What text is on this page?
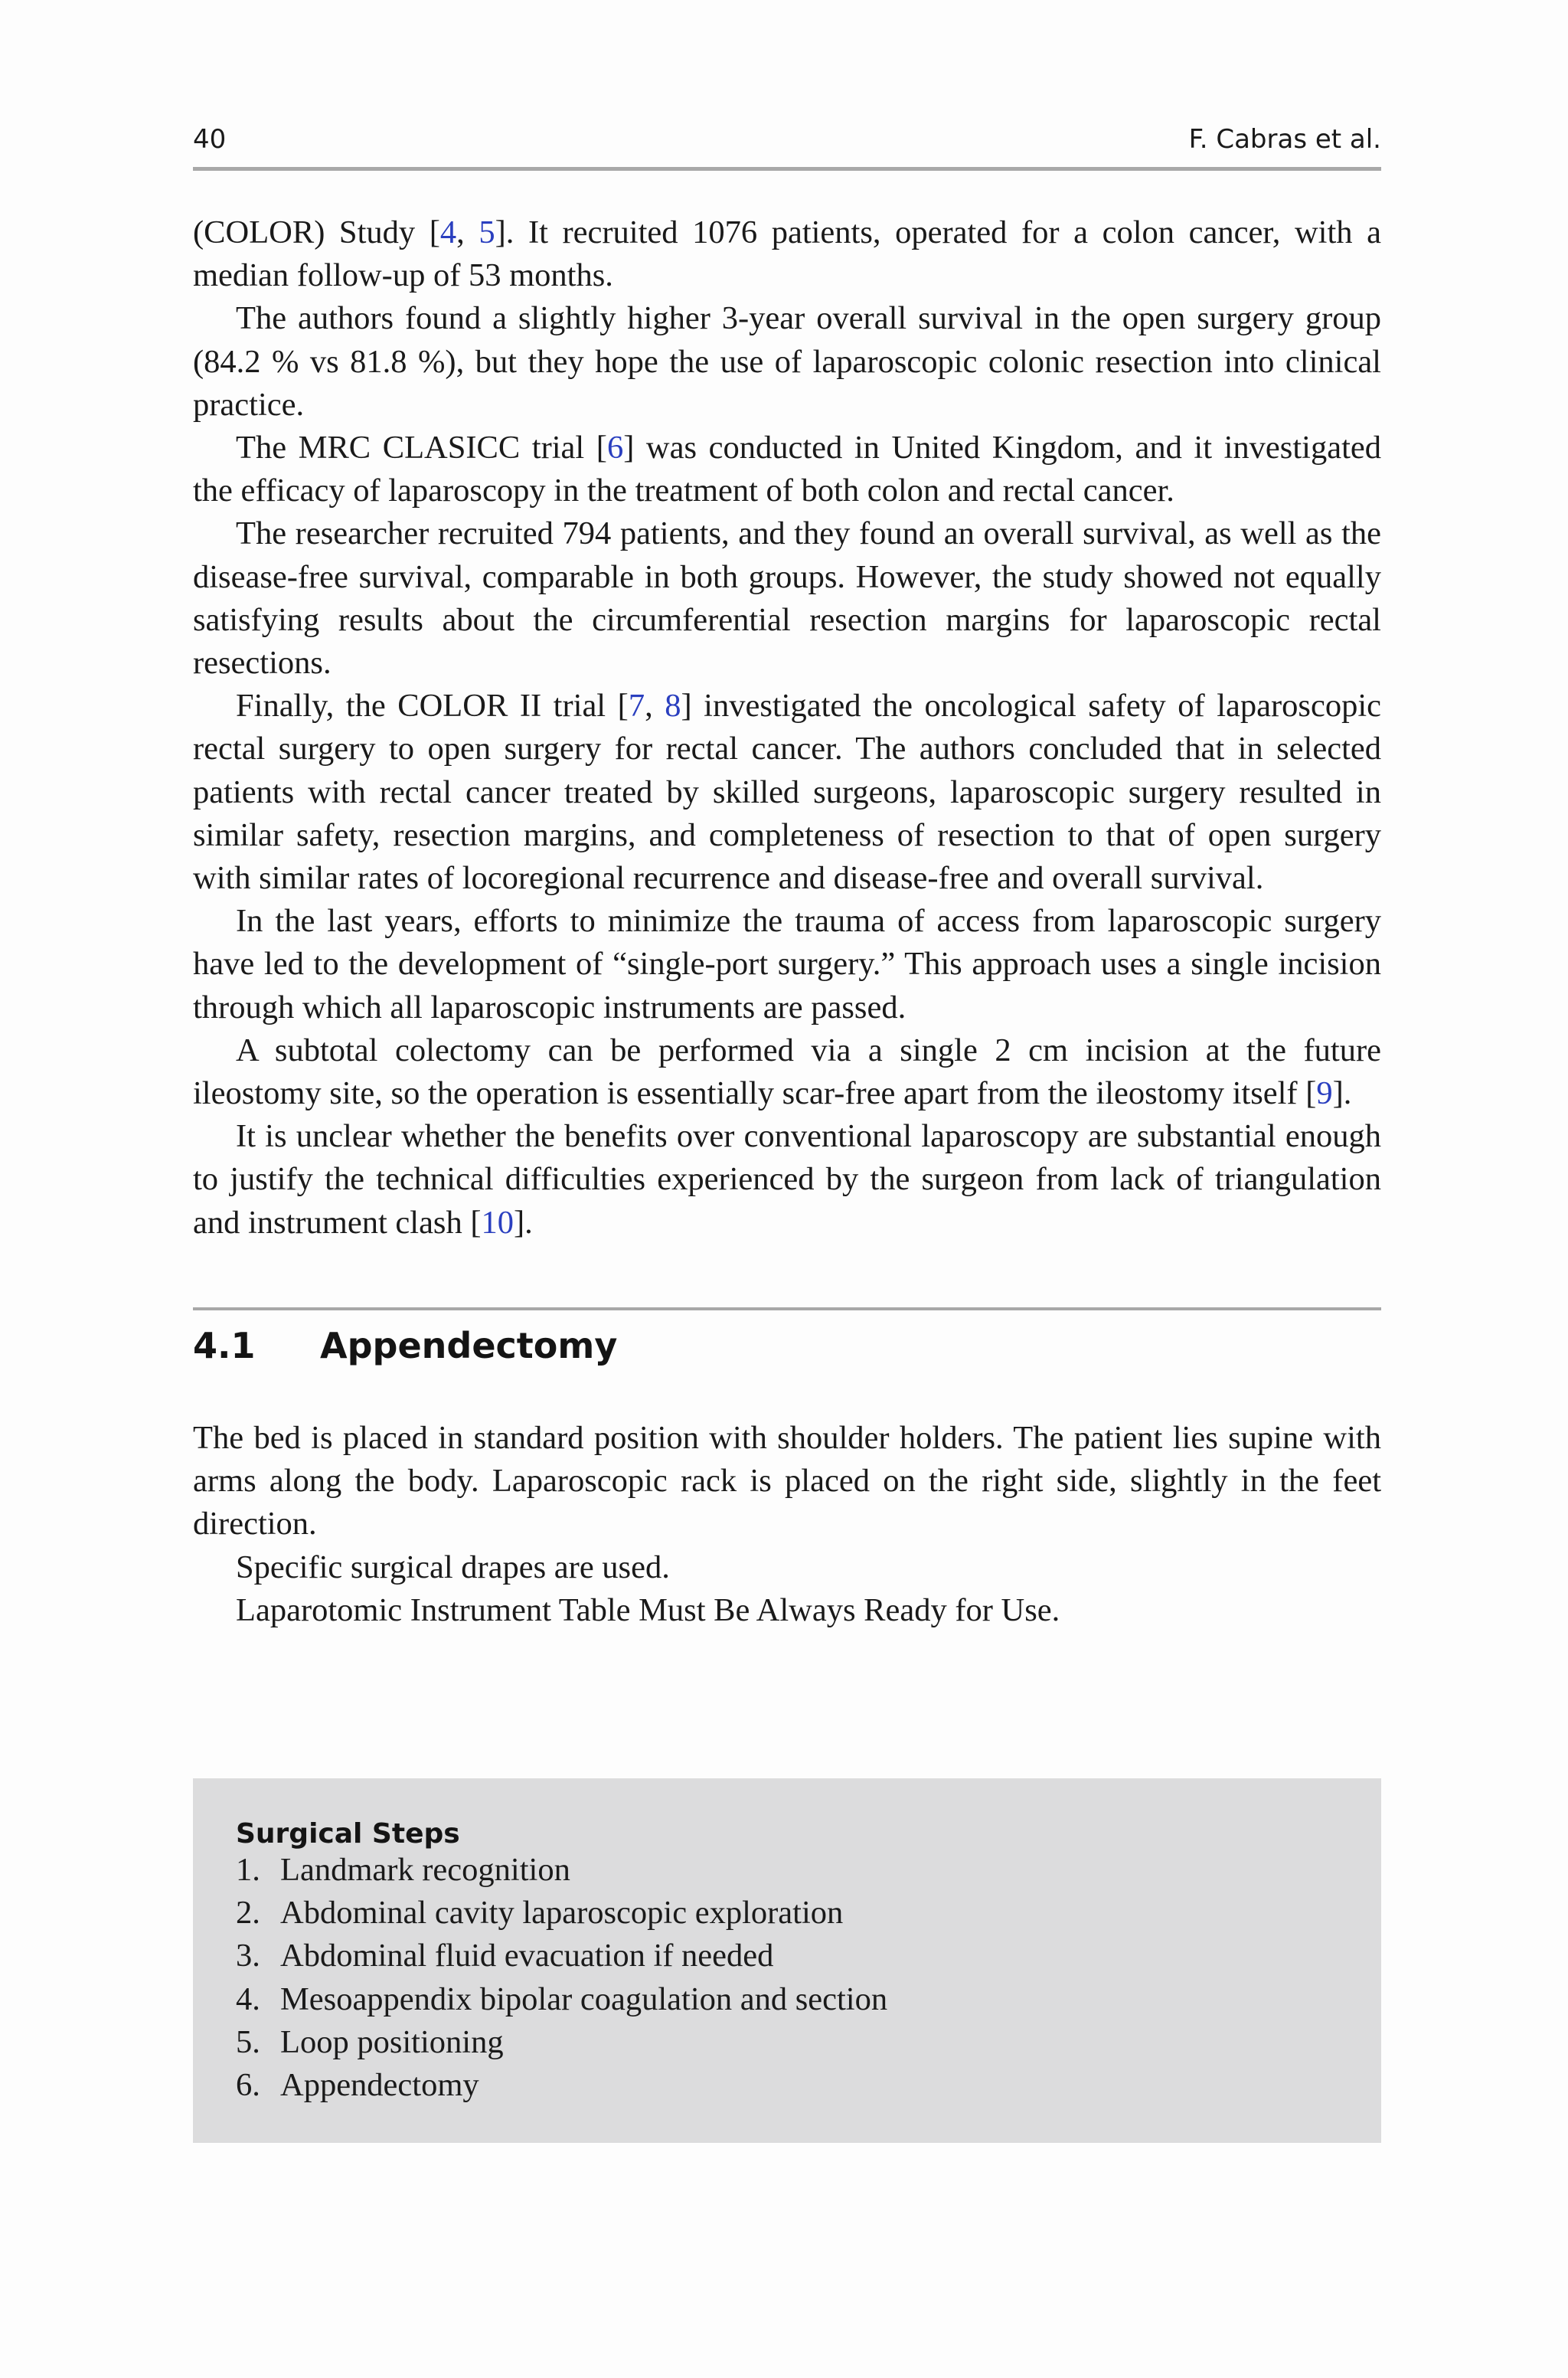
40	F. Cabras et al.

(COLOR) Study [4, 5]. It recruited 1076 patients, operated for a colon cancer, with a median follow-up of 53 months.

The authors found a slightly higher 3-year overall survival in the open surgery group (84.2 % vs 81.8 %), but they hope the use of laparoscopic colonic resection into clinical practice.

The MRC CLASICC trial [6] was conducted in United Kingdom, and it investigated the efficacy of laparoscopy in the treatment of both colon and rectal cancer.

The researcher recruited 794 patients, and they found an overall survival, as well as the disease-free survival, comparable in both groups. However, the study showed not equally satisfying results about the circumferential resection margins for laparoscopic rectal resections.

Finally, the COLOR II trial [7, 8] investigated the oncological safety of laparoscopic rectal surgery to open surgery for rectal cancer. The authors concluded that in selected patients with rectal cancer treated by skilled surgeons, laparoscopic surgery resulted in similar safety, resection margins, and completeness of resection to that of open surgery with similar rates of locoregional recurrence and disease-free and overall survival.

In the last years, efforts to minimize the trauma of access from laparoscopic surgery have led to the development of “single-port surgery.” This approach uses a single incision through which all laparoscopic instruments are passed.

A subtotal colectomy can be performed via a single 2 cm incision at the future ileostomy site, so the operation is essentially scar-free apart from the ileostomy itself [9].

It is unclear whether the benefits over conventional laparoscopy are substantial enough to justify the technical difficulties experienced by the surgeon from lack of triangulation and instrument clash [10].

4.1 Appendectomy

The bed is placed in standard position with shoulder holders. The patient lies supine with arms along the body. Laparoscopic rack is placed on the right side, slightly in the feet direction.

Specific surgical drapes are used.

Laparotomic Instrument Table Must Be Always Ready for Use.

Surgical Steps
1. Landmark recognition
2. Abdominal cavity laparoscopic exploration
3. Abdominal fluid evacuation if needed
4. Mesoappendix bipolar coagulation and section
5. Loop positioning
6. Appendectomy
